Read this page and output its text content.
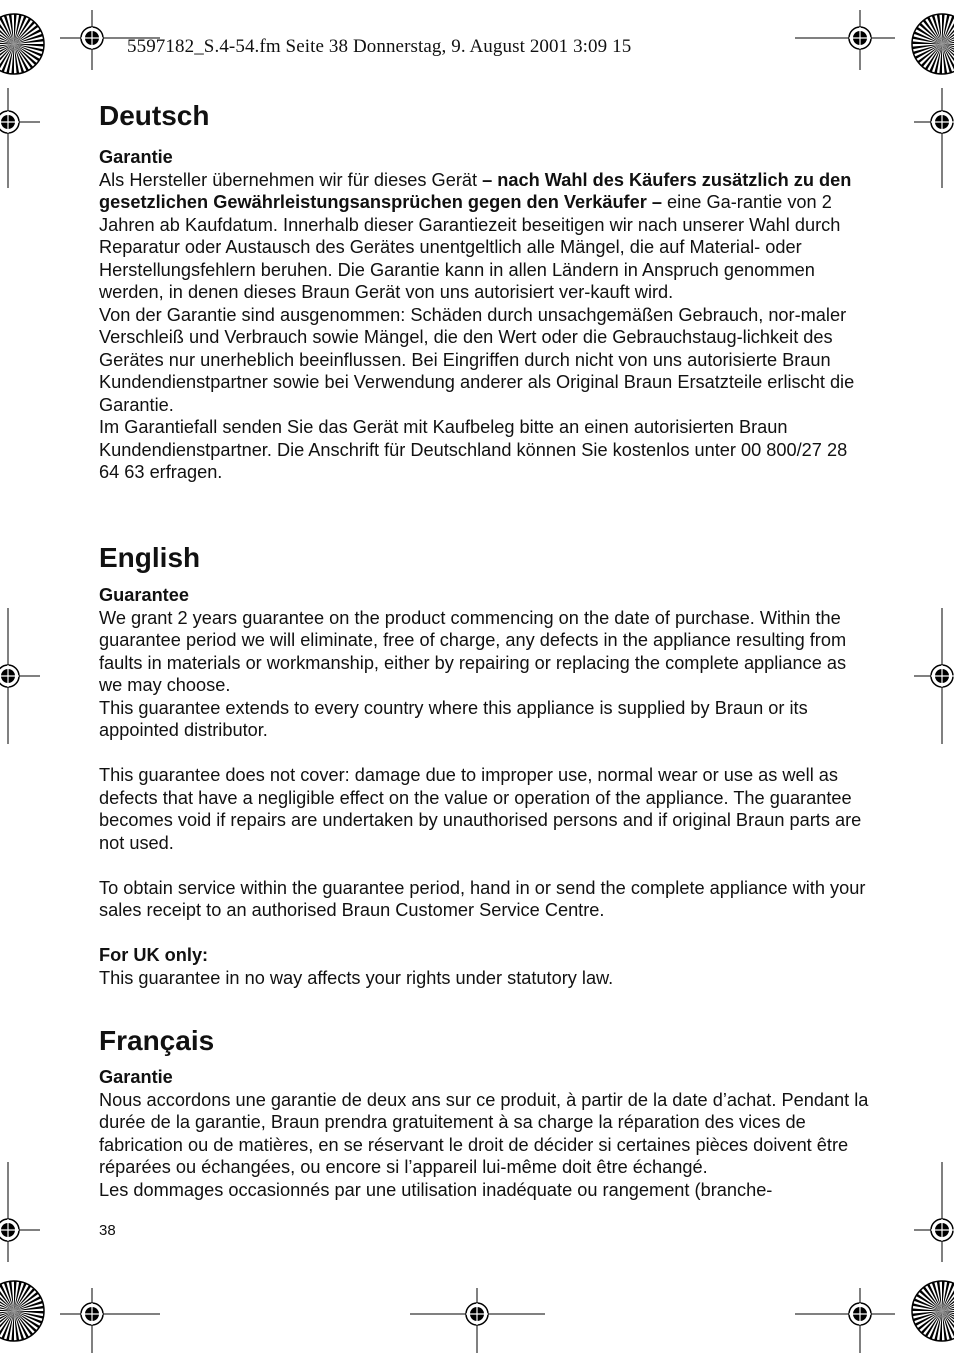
5597182_S.4-54.fm Seite 38 Donnerstag, 9. August 2001 3:09 15
Deutsch

Garantie

Als Hersteller übernehmen wir für dieses Gerät – nach Wahl des Käufers zusätzlich zu den gesetzlichen Gewährleistungsansprüchen gegen den Verkäufer – eine Ga-rantie von 2 Jahren ab Kaufdatum. Innerhalb dieser Garantiezeit beseitigen wir nach unserer Wahl durch Reparatur oder Austausch des Gerätes unentgeltlich alle Mängel, die auf Material- oder Herstellungsfehlern beruhen. Die Garantie kann in allen Ländern in Anspruch genommen werden, in denen dieses Braun Gerät von uns autorisiert ver-kauft wird.

Von der Garantie sind ausgenommen: Schäden durch unsachgemäßen Gebrauch, nor-maler Verschleiß und Verbrauch sowie Mängel, die den Wert oder die Gebrauchstaug-lichkeit des Gerätes nur unerheblich beeinflussen. Bei Eingriffen durch nicht von uns autorisierte Braun Kundendienstpartner sowie bei Verwendung anderer als Original Braun Ersatzteile erlischt die Garantie.

Im Garantiefall senden Sie das Gerät mit Kaufbeleg bitte an einen autorisierten Braun Kundendienstpartner. Die Anschrift für Deutschland können Sie kostenlos unter 00 800/27 28 64 63 erfragen.

English

Guarantee

We grant 2 years guarantee on the product commencing on the date of purchase. Within the guarantee period we will eliminate, free of charge, any defects in the appliance resulting from faults in materials or workmanship, either by repairing or replacing the complete appliance as we may choose.

This guarantee extends to every country where this appliance is supplied by Braun or its appointed distributor.

This guarantee does not cover: damage due to improper use, normal wear or use as well as defects that have a negligible effect on the value or operation of the appliance. The guarantee becomes void if repairs are undertaken by unauthorised persons and if original Braun parts are not used.

To obtain service within the guarantee period, hand in or send the complete appliance with your sales receipt to an authorised Braun Customer Service Centre.

For UK only:

This guarantee in no way affects your rights under statutory law.

Français

Garantie

Nous accordons une garantie de deux ans sur ce produit, à partir de la date d’achat. Pendant la durée de la garantie, Braun prendra gratuitement à sa charge la réparation des vices de fabrication ou de matières, en se réservant le droit de décider si certaines pièces doivent être réparées ou échangées, ou encore si l’appareil lui-même doit être échangé.

Les dommages occasionnés par une utilisation inadéquate ou rangement (branche-

38
